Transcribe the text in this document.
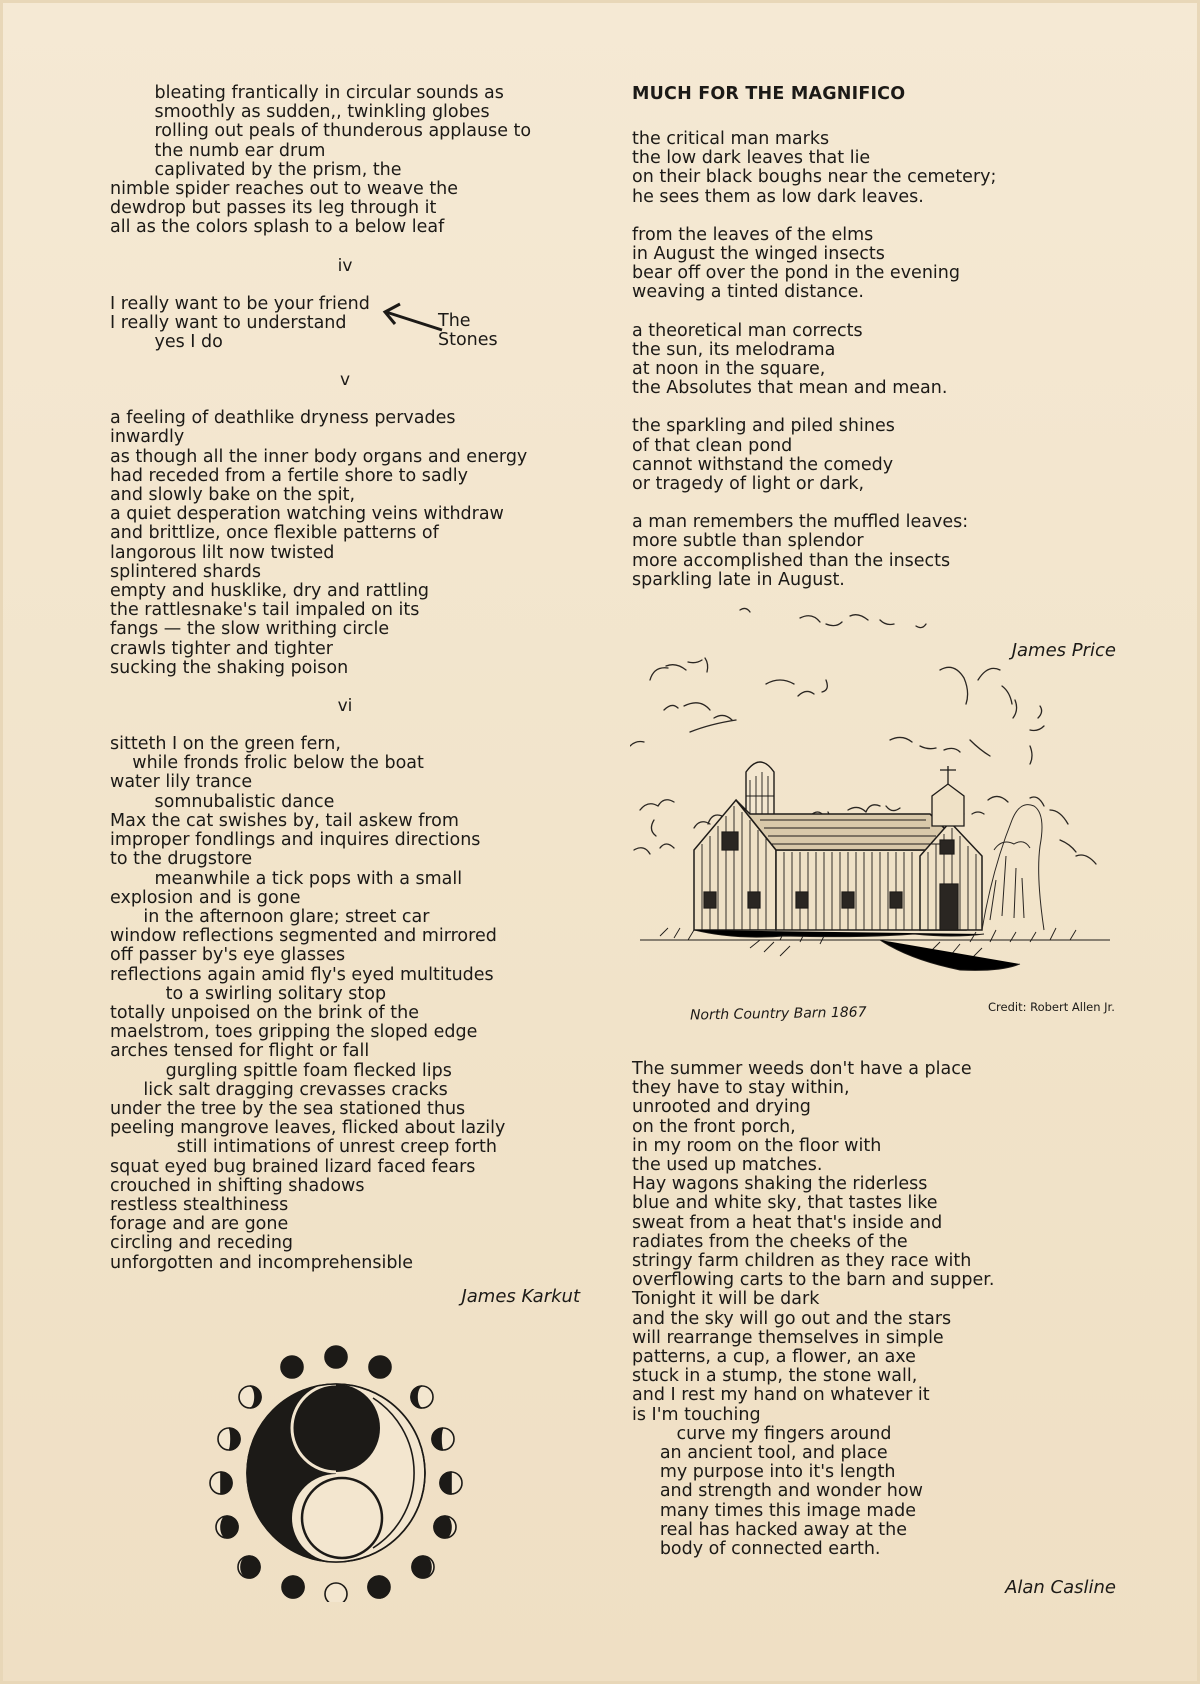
bleating frantically in circular sounds as

smoothly as sudden,, twinkling globes

rolling out peals of thunderous applause to

the numb ear drum

caplivated by the prism, the

nimble spider reaches out to weave the

dewdrop but passes its leg through it

all as the colors splash to a below leaf

iv

I really want to be your friend

I really want to understand

yes I do

v

a feeling of deathlike dryness pervades

inwardly

as though all the inner body organs and energy

had receded from a fertile shore to sadly

and slowly bake on the spit,

a quiet desperation watching veins withdraw

and brittlize, once flexible patterns of

langorous lilt now twisted

splintered shards

empty and husklike, dry and rattling

the rattlesnake's tail impaled on its

fangs — the slow writhing circle

crawls tighter and tighter

sucking the shaking poison

vi

sitteth I on the green fern,

while fronds frolic below the boat

water lily trance

somnubalistic dance

Max the cat swishes by, tail askew from

improper fondlings and inquires directions

to the drugstore

meanwhile a tick pops with a small

explosion and is gone

in the afternoon glare; street car

window reflections segmented and mirrored

off passer by's eye glasses

reflections again amid fly's eyed multitudes

to a swirling solitary stop

totally unpoised on the brink of the

maelstrom, toes gripping the sloped edge

arches tensed for flight or fall

gurgling spittle foam flecked lips

lick salt dragging crevasses cracks

under the tree by the sea stationed thus

peeling mangrove leaves, flicked about lazily

still intimations of unrest creep forth

squat eyed bug brained lizard faced fears

crouched in shifting shadows

restless stealthiness

forage and are gone

circling and receding

unforgotten and incomprehensible

James Karkut

The
Stones

MUCH FOR THE MAGNIFICO

the critical man marks

the low dark leaves that lie

on their black boughs near the cemetery;

he sees them as low dark leaves.

from the leaves of the elms

in August the winged insects

bear off over the pond in the evening

weaving a tinted distance.

a theoretical man corrects

the sun, its melodrama

at noon in the square,

the Absolutes that mean and mean.

the sparkling and piled shines

of that clean pond

cannot withstand the comedy

or tragedy of light or dark,

a man remembers the muffled leaves:

more subtle than splendor

more accomplished than the insects

sparkling late in August.

James Price

North Country Barn 1867	Credit: Robert Allen Jr.

The summer weeds don't have a place

they have to stay within,

unrooted and drying

on the front porch,

in my room on the floor with

the used up matches.

Hay wagons shaking the riderless

blue and white sky, that tastes like

sweat from a heat that's inside and

radiates from the cheeks of the

stringy farm children as they race with

overflowing carts to the barn and supper.

Tonight it will be dark

and the sky will go out and the stars

will rearrange themselves in simple

patterns, a cup, a flower, an axe

stuck in a stump, the stone wall,

and I rest my hand on whatever it

is I'm touching

curve my fingers around

an ancient tool, and place

my purpose into it's length

and strength and wonder how

many times this image made

real has hacked away at the

body of connected earth.

Alan Casline
